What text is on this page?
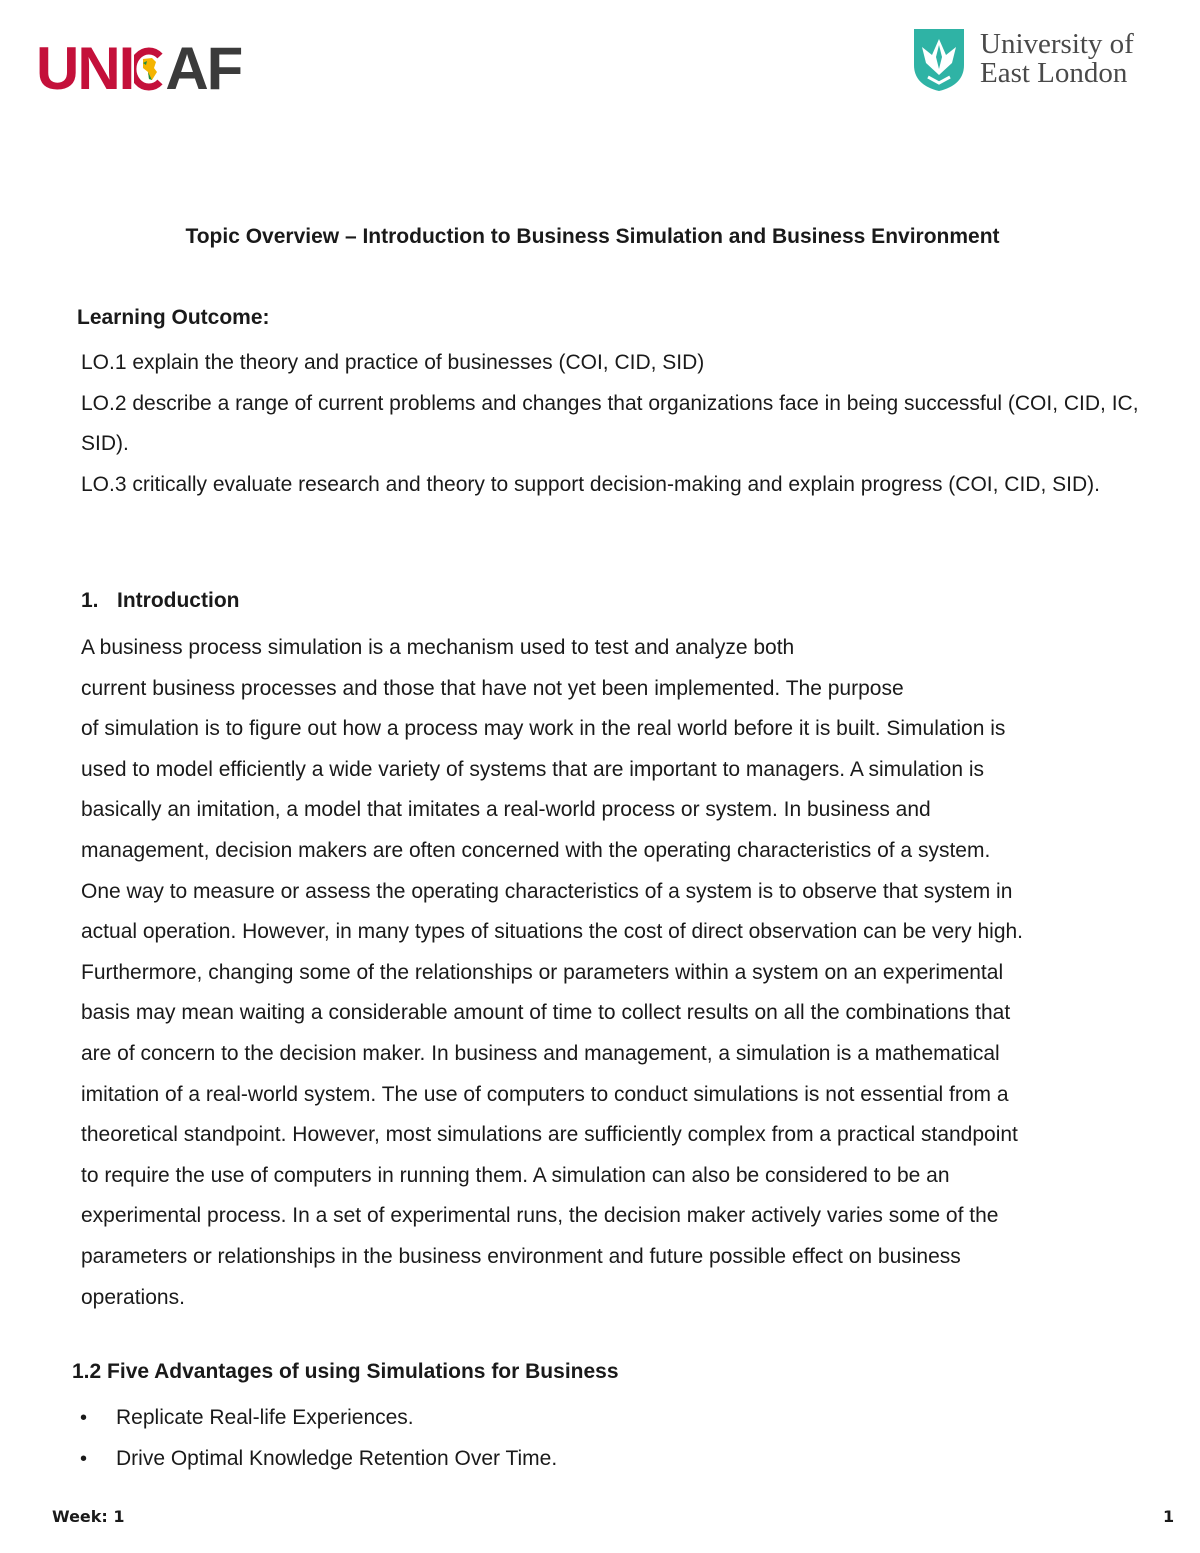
UNI AF	University of
East London
Topic Overview – Introduction to Business Simulation and Business Environment
Learning Outcome:

LO.1 explain the theory and practice of businesses (COI, CID, SID)

LO.2 describe a range of current problems and changes that organizations face in being successful (COI, CID, IC, SID).

LO.3 critically evaluate research and theory to support decision-making and explain progress (COI, CID, SID).

1. Introduction
A business process simulation is a mechanism used to test and analyze both
current business processes and those that have not yet been implemented. The purpose
of simulation is to figure out how a process may work in the real world before it is built. Simulation is
used to model efficiently a wide variety of systems that are important to managers. A simulation is
basically an imitation, a model that imitates a real-world process or system. In business and
management, decision makers are often concerned with the operating characteristics of a system.
One way to measure or assess the operating characteristics of a system is to observe that system in
actual operation. However, in many types of situations the cost of direct observation can be very high.
Furthermore, changing some of the relationships or parameters within a system on an experimental
basis may mean waiting a considerable amount of time to collect results on all the combinations that
are of concern to the decision maker. In business and management, a simulation is a mathematical
imitation of a real-world system. The use of computers to conduct simulations is not essential from a
theoretical standpoint. However, most simulations are sufficiently complex from a practical standpoint
to require the use of computers in running them. A simulation can also be considered to be an
experimental process. In a set of experimental runs, the decision maker actively varies some of the
parameters or relationships in the business environment and future possible effect on business
operations.
1.2 Five Advantages of using Simulations for Business
•	Replicate Real-life Experiences.
•	Drive Optimal Knowledge Retention Over Time.
Week: 1	1
